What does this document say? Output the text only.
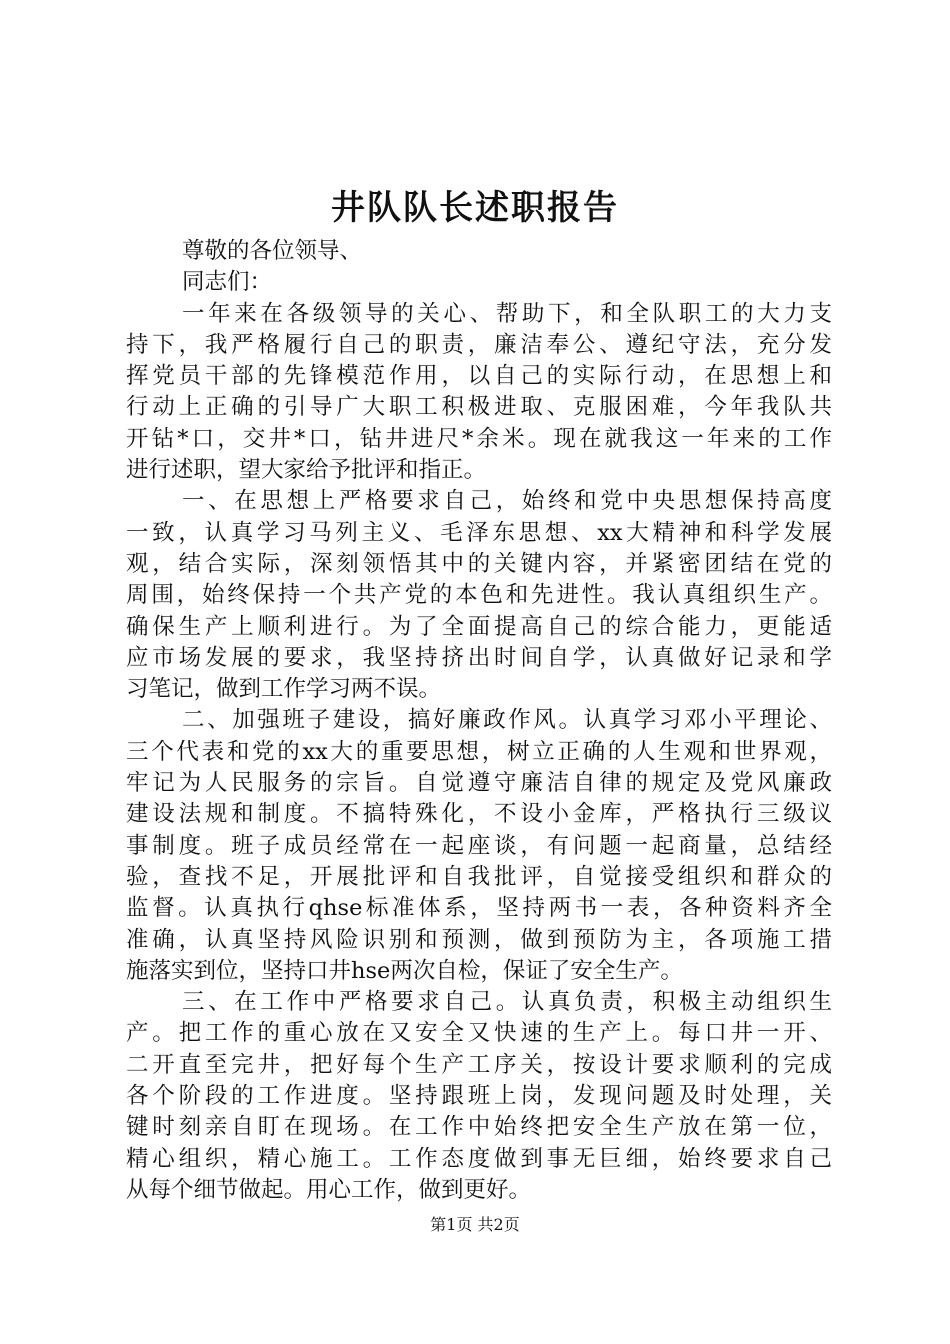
井队队长述职报告
尊敬的各位领导、
同志们：
一年来在各级领导的关心、帮助下，和全队职工的大力支
持下，我严格履行自己的职责，廉洁奉公、遵纪守法，充分发
挥党员干部的先锋模范作用，以自己的实际行动，在思想上和
行动上正确的引导广大职工积极进取、克服困难，今年我队共
开钻*口，交井*口，钻井进尺*余米。现在就我这一年来的工作
进行述职，望大家给予批评和指正。
一、在思想上严格要求自己，始终和党中央思想保持高度
一致，认真学习马列主义、毛泽东思想、xx大精神和科学发展
观，结合实际，深刻领悟其中的关键内容，并紧密团结在党的
周围，始终保持一个共产党的本色和先进性。我认真组织生产。
确保生产上顺利进行。为了全面提高自己的综合能力，更能适
应市场发展的要求，我坚持挤出时间自学，认真做好记录和学
习笔记，做到工作学习两不误。
二、加强班子建设，搞好廉政作风。认真学习邓小平理论、
三个代表和党的xx大的重要思想，树立正确的人生观和世界观，
牢记为人民服务的宗旨。自觉遵守廉洁自律的规定及党风廉政
建设法规和制度。不搞特殊化，不设小金库，严格执行三级议
事制度。班子成员经常在一起座谈，有问题一起商量，总结经
验，查找不足，开展批评和自我批评，自觉接受组织和群众的
监督。认真执行qhse标准体系，坚持两书一表，各种资料齐全
准确，认真坚持风险识别和预测，做到预防为主，各项施工措
施落实到位，坚持口井hse两次自检，保证了安全生产。
三、在工作中严格要求自己。认真负责，积极主动组织生
产。把工作的重心放在又安全又快速的生产上。每口井一开、
二开直至完井，把好每个生产工序关，按设计要求顺利的完成
各个阶段的工作进度。坚持跟班上岗，发现问题及时处理，关
键时刻亲自盯在现场。在工作中始终把安全生产放在第一位，
精心组织，精心施工。工作态度做到事无巨细，始终要求自己
从每个细节做起。用心工作，做到更好。
第1页 共2页
